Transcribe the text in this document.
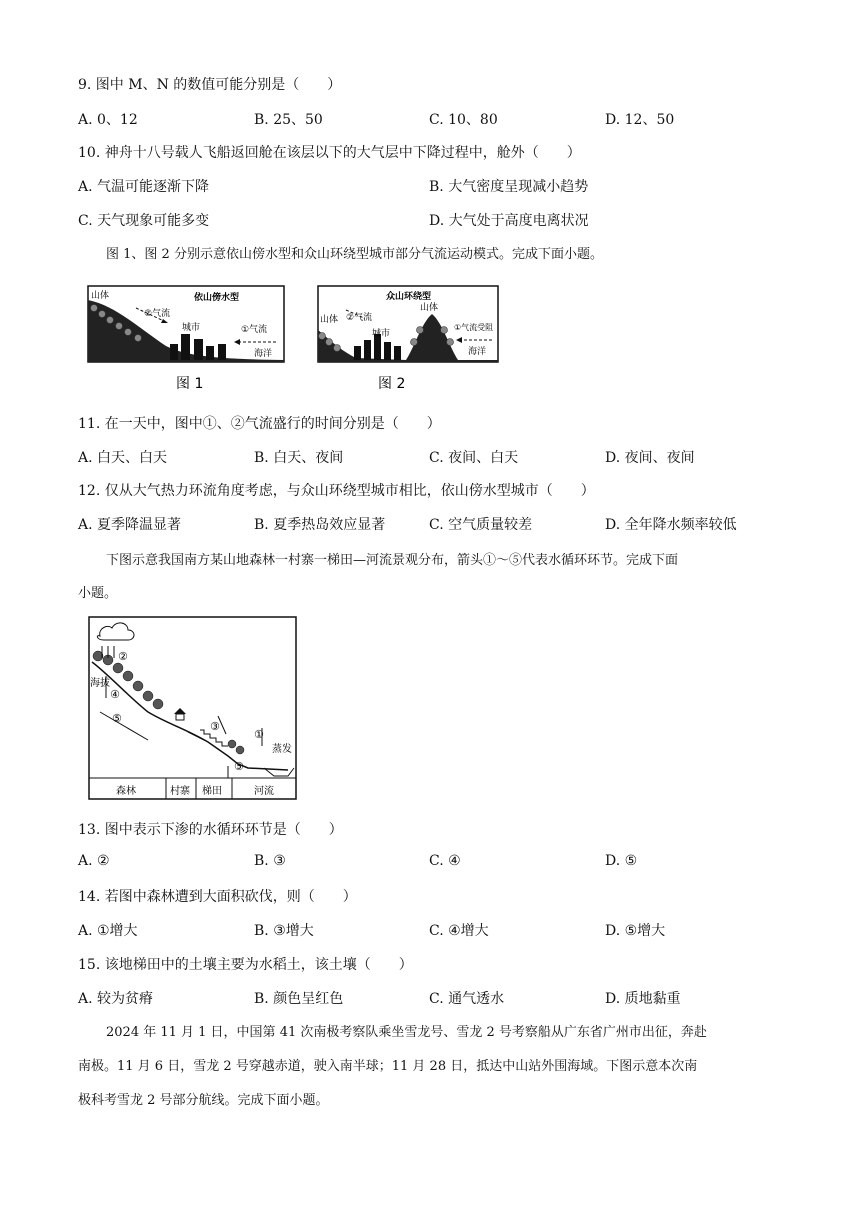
9. 图中 M、N 的数值可能分别是（　　）
A. 0、12	B. 25、50	C. 10、80	D. 12、50
10. 神舟十八号载人飞船返回舱在该层以下的大气层中下降过程中，舱外（　　）
A. 气温可能逐渐下降	B. 大气密度呈现减小趋势
C. 天气现象可能多变	D. 大气处于高度电离状况
图 1、图 2 分别示意依山傍水型和众山环绕型城市部分气流运动模式。完成下面小题。
山体	依山傍水型
②气流
城市	①气流
海洋
图 1
众山环绕型
山体 ②气流
城市
山体
①气流受阻
海洋
图 2
11. 在一天中，图中①、②气流盛行的时间分别是（　　）
A. 白天、白天	B. 白天、夜间	C. 夜间、白天	D. 夜间、夜间
12. 仅从大气热力环流角度考虑，与众山环绕型城市相比，依山傍水型城市（　　）
A. 夏季降温显著	B. 夏季热岛效应显著	C. 空气质量较差	D. 全年降水频率较低
下图示意我国南方某山地森林一村寨一梯田—河流景观分布，箭头①～⑤代表水循环环节。完成下面
小题。
②
④
⑤
③
①
⑤
蒸发
海拔
森林	村寨 梯田	河流
13. 图中表示下渗的水循环环节是（　　）
A. ②	B. ③	C. ④	D. ⑤
14. 若图中森林遭到大面积砍伐，则（　　）
A. ①增大	B. ③增大	C. ④增大	D. ⑤增大
15. 该地梯田中的土壤主要为水稻土，该土壤（　　）
A. 较为贫瘠	B. 颜色呈红色	C. 通气透水	D. 质地黏重
2024 年 11 月 1 日，中国第 41 次南极考察队乘坐雪龙号、雪龙 2 号考察船从广东省广州市出征，奔赴
南极。11 月 6 日，雪龙 2 号穿越赤道，驶入南半球；11 月 28 日，抵达中山站外围海域。下图示意本次南
极科考雪龙 2 号部分航线。完成下面小题。
